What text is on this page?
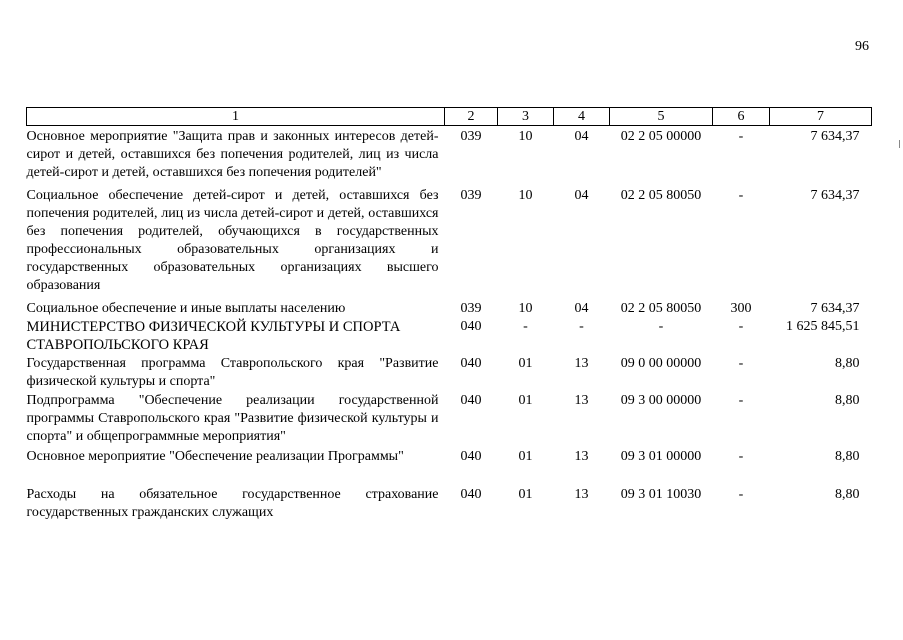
96
1	2	3	4	5	6	7
Основное мероприятие "Защита прав и законных интересов детей-сирот и детей, оставшихся без попечения родителей, лиц из числа детей-сирот и детей, оставшихся без попечения родителей"	039	10	04	02 2 05 00000	-	7 634,37
Социальное обеспечение детей-сирот и детей, оставшихся без попечения родителей, лиц из числа детей-сирот и детей, оставшихся без попечения родителей, обучающихся в государственных профессиональных образовательных организациях и государственных образовательных организациях высшего образования	039	10	04	02 2 05 80050	-	7 634,37
Социальное обеспечение и иные выплаты населению	039	10	04	02 2 05 80050	300	7 634,37
МИНИСТЕРСТВО ФИЗИЧЕСКОЙ КУЛЬТУРЫ И СПОРТА СТАВРОПОЛЬСКОГО КРАЯ	040	-	-	-	-	1 625 845,51
Государственная программа Ставропольского края "Развитие физической культуры и спорта"	040	01	13	09 0 00 00000	-	8,80
Подпрограмма "Обеспечение реализации государственной программы Ставропольского края "Развитие физической культуры и спорта" и общепрограммные мероприятия"	040	01	13	09 3 00 00000	-	8,80
Основное мероприятие "Обеспечение реализации Программы"	040	01	13	09 3 01 00000	-	8,80
Расходы на обязательное государственное страхование государственных гражданских служащих	040	01	13	09 3 01 10030	-	8,80
